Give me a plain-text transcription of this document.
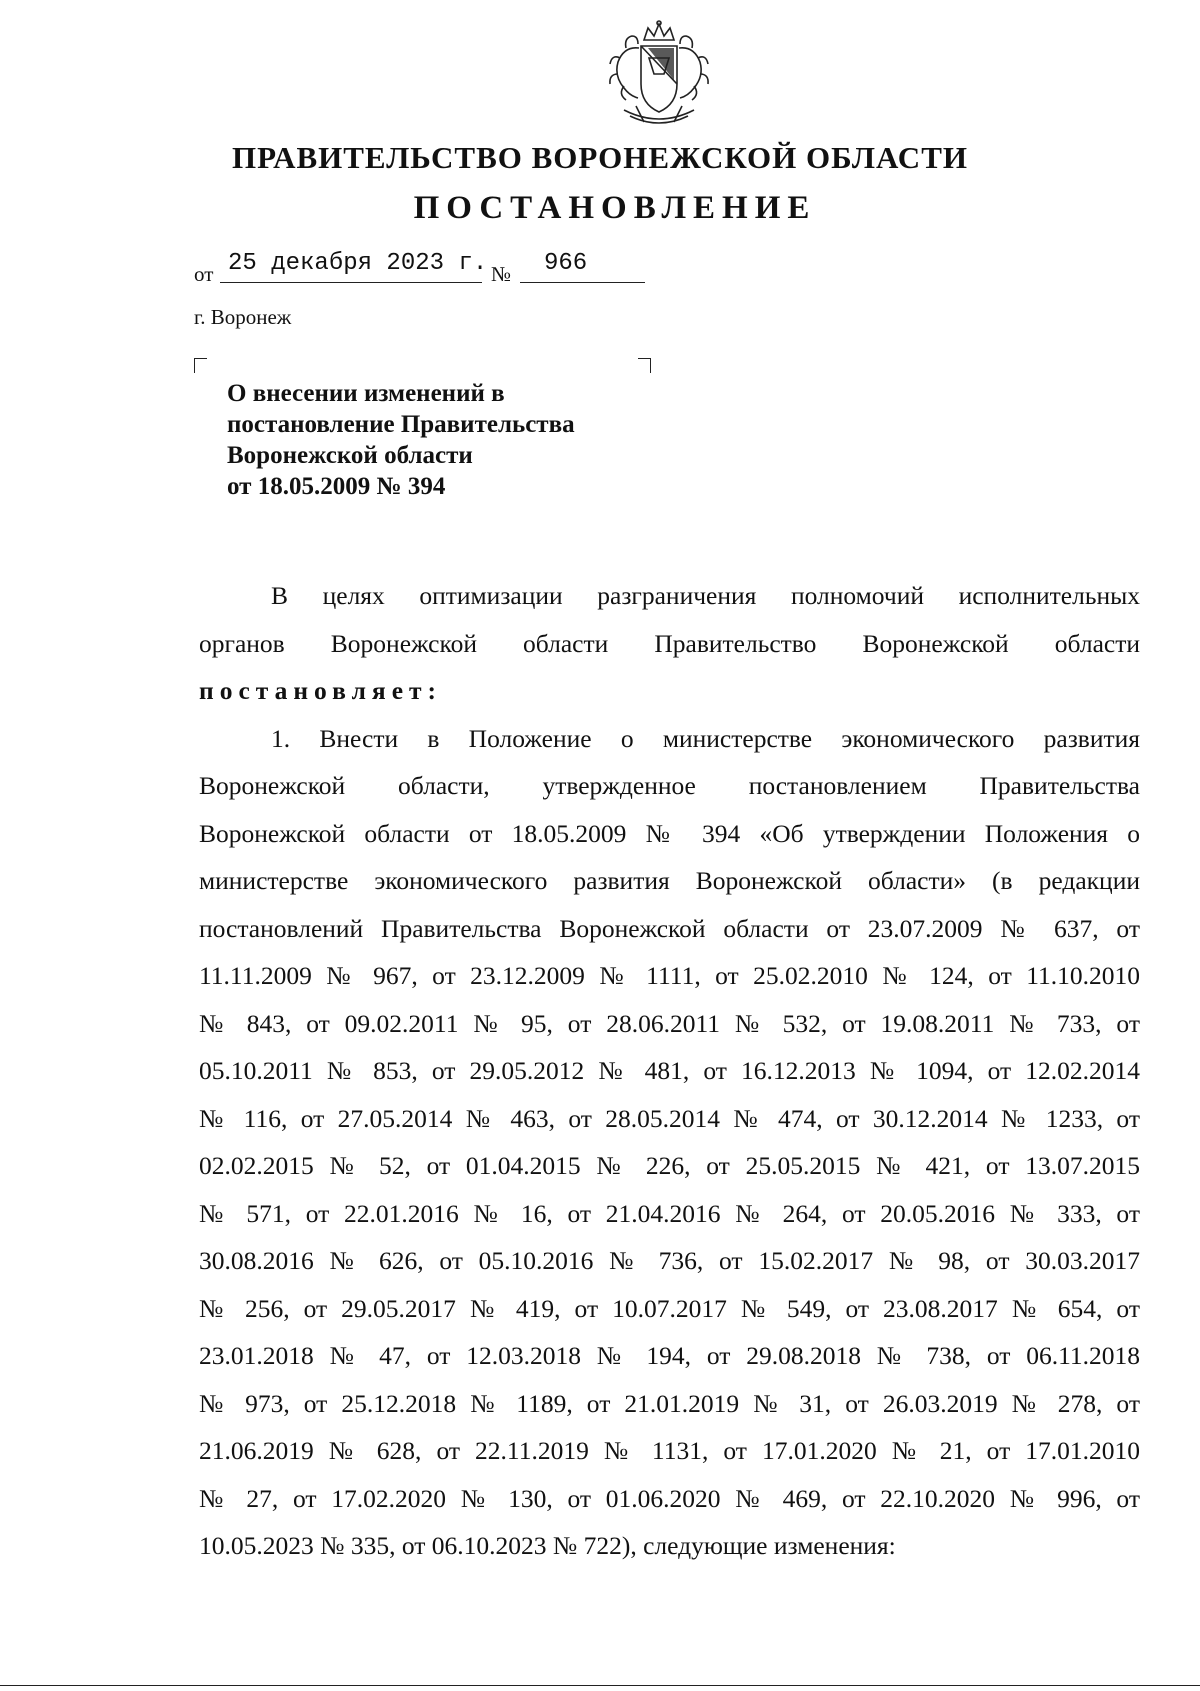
ПРАВИТЕЛЬСТВО ВОРОНЕЖСКОЙ ОБЛАСТИ
ПОСТАНОВЛЕНИЕ
от 25 декабря 2023 г. № 966
г. Воронеж
О внесении изменений в
постановление Правительства
Воронежской области
от 18.05.2009 № 394
В целях оптимизации разграничения полномочий исполнительных
органов Воронежской области Правительство Воронежской области
постановляет:
1. Внести в Положение о министерстве экономического развития
Воронежской области, утвержденное постановлением Правительства
Воронежской области от 18.05.2009 № 394 «Об утверждении Положения о
министерстве экономического развития Воронежской области» (в редакции
постановлений Правительства Воронежской области от 23.07.2009 № 637, от
11.11.2009 № 967, от 23.12.2009 № 1111, от 25.02.2010 № 124, от 11.10.2010
№ 843, от 09.02.2011 № 95, от 28.06.2011 № 532, от 19.08.2011 № 733, от
05.10.2011 № 853, от 29.05.2012 № 481, от 16.12.2013 № 1094, от 12.02.2014
№ 116, от 27.05.2014 № 463, от 28.05.2014 № 474, от 30.12.2014 № 1233, от
02.02.2015 № 52, от 01.04.2015 № 226, от 25.05.2015 № 421, от 13.07.2015
№ 571, от 22.01.2016 № 16, от 21.04.2016 № 264, от 20.05.2016 № 333, от
30.08.2016 № 626, от 05.10.2016 № 736, от 15.02.2017 № 98, от 30.03.2017
№ 256, от 29.05.2017 № 419, от 10.07.2017 № 549, от 23.08.2017 № 654, от
23.01.2018 № 47, от 12.03.2018 № 194, от 29.08.2018 № 738, от 06.11.2018
№ 973, от 25.12.2018 № 1189, от 21.01.2019 № 31, от 26.03.2019 № 278, от
21.06.2019 № 628, от 22.11.2019 № 1131, от 17.01.2020 № 21, от 17.01.2010
№ 27, от 17.02.2020 № 130, от 01.06.2020 № 469, от 22.10.2020 № 996, от
10.05.2023 № 335, от 06.10.2023 № 722), следующие изменения:
